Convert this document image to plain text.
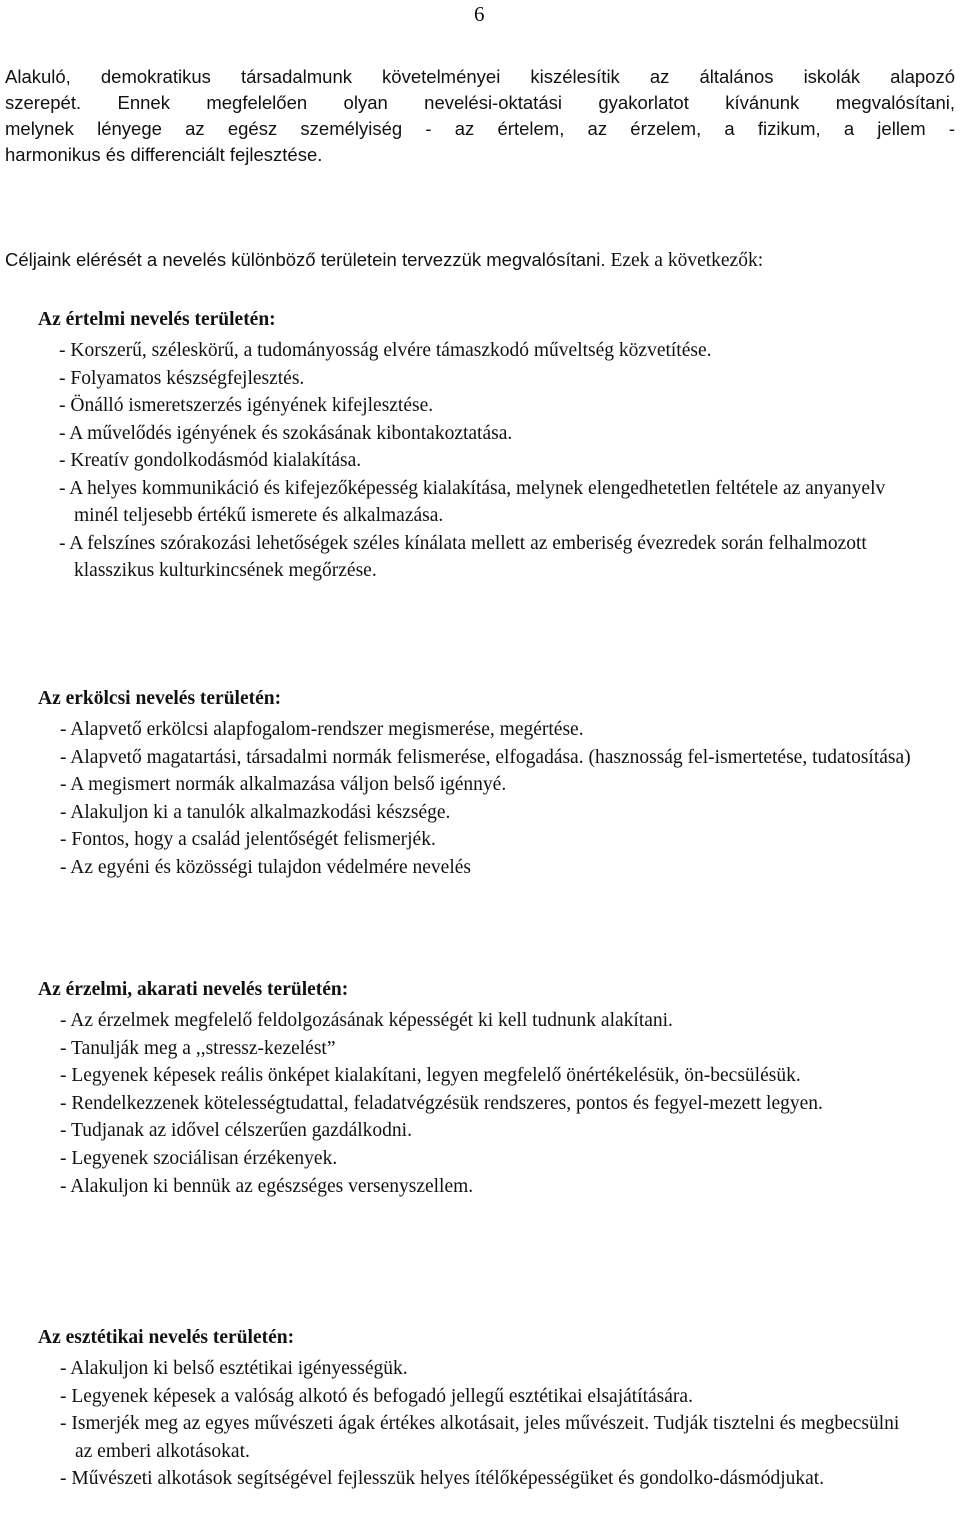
6

Alakuló, demokratikus társadalmunk követelményei kiszélesítik az általános iskolák alapozó

szerepét. Ennek megfelelően olyan nevelési-oktatási gyakorlatot kívánunk megvalósítani,

melynek lényege az egész személyiség - az értelem, az érzelem, a fizikum, a jellem -

harmonikus és differenciált fejlesztése.

Céljaink elérését a nevelés különböző területein tervezzük megvalósítani. Ezek a következők:

Az értelmi nevelés területén:
- Korszerű, széleskörű, a tudományosság elvére támaszkodó műveltség közvetítése.
- Folyamatos készségfejlesztés.
- Önálló ismeretszerzés igényének kifejlesztése.
- A művelődés igényének és szokásának kibontakoztatása.
- Kreatív gondolkodásmód kialakítása.
- A helyes kommunikáció és kifejezőképesség kialakítása, melynek elengedhetetlen feltétele az anyanyelv minél teljesebb értékű ismerete és alkalmazása.
- A felszínes szórakozási lehetőségek széles kínálata mellett az emberiség évezredek során felhalmozott klasszikus kulturkincsének megőrzése.
Az erkölcsi nevelés területén:
- Alapvető erkölcsi alapfogalom-rendszer megismerése, megértése.
- Alapvető magatartási, társadalmi normák felismerése, elfogadása. (hasznosság fel-ismertetése, tudatosítása)
- A megismert normák alkalmazása váljon belső igénnyé.
- Alakuljon ki a tanulók alkalmazkodási készsége.
- Fontos, hogy a család jelentőségét felismerjék.
- Az egyéni és közösségi tulajdon védelmére nevelés
Az érzelmi, akarati nevelés területén:
- Az érzelmek megfelelő feldolgozásának képességét ki kell tudnunk alakítani.
- Tanulják meg a ,,stressz-kezelést”
- Legyenek képesek reális önképet kialakítani, legyen megfelelő önértékelésük, ön-becsülésük.
- Rendelkezzenek kötelességtudattal, feladatvégzésük rendszeres, pontos és fegyel-mezett legyen.
- Tudjanak az idővel célszerűen gazdálkodni.
- Legyenek szociálisan érzékenyek.
- Alakuljon ki bennük az egészséges versenyszellem.
Az esztétikai nevelés területén:
- Alakuljon ki belső esztétikai igényességük.
- Legyenek képesek a valóság alkotó és befogadó jellegű esztétikai elsajátítására.
- Ismerjék meg az egyes művészeti ágak értékes alkotásait, jeles művészeit. Tudják tisztelni és megbecsülni az emberi alkotásokat.
- Művészeti alkotások segítségével fejlesszük helyes ítélőképességüket és gondolko-dásmódjukat.
